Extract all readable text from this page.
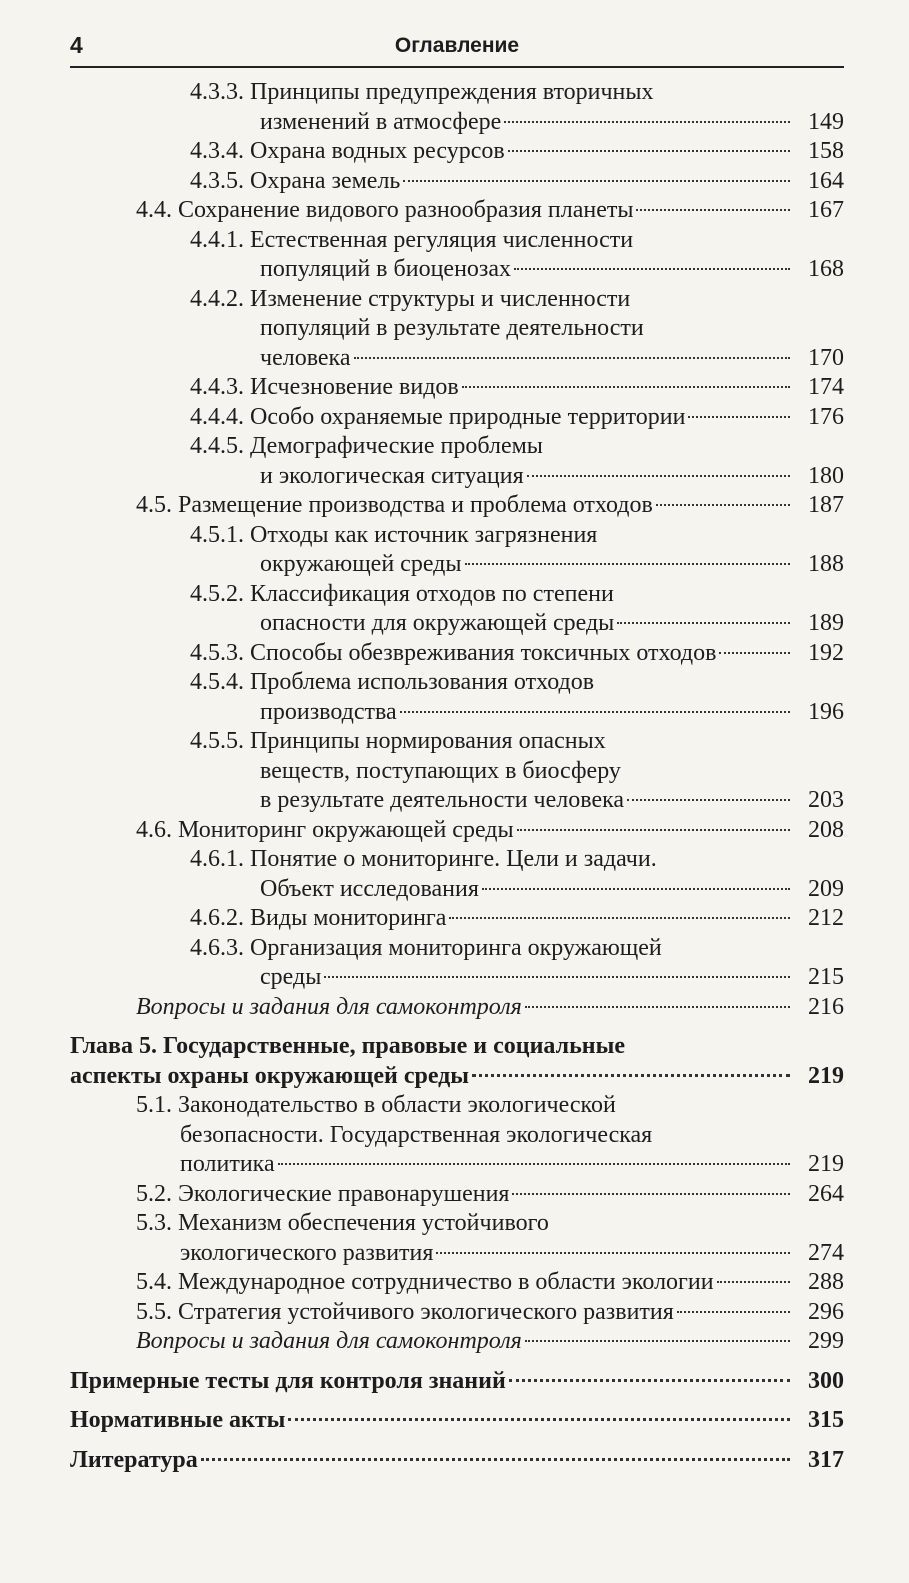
4	Оглавление
4.3.3. Принципы предупреждения вторичных
изменений в атмосфере	149
4.3.4. Охрана водных ресурсов	158
4.3.5. Охрана земель	164
4.4. Сохранение видового разнообразия планеты	167
4.4.1. Естественная регуляция численности
популяций в биоценозах	168
4.4.2. Изменение структуры и численности
популяций в результате деятельности
человека	170
4.4.3. Исчезновение видов	174
4.4.4. Особо охраняемые природные территории	176
4.4.5. Демографические проблемы
и экологическая ситуация	180
4.5. Размещение производства и проблема отходов	187
4.5.1. Отходы как источник загрязнения
окружающей среды	188
4.5.2. Классификация отходов по степени
опасности для окружающей среды	189
4.5.3. Способы обезвреживания токсичных отходов	192
4.5.4. Проблема использования отходов
производства	196
4.5.5. Принципы нормирования опасных
веществ, поступающих в биосферу
в результате деятельности человека	203
4.6. Мониторинг окружающей среды	208
4.6.1. Понятие о мониторинге. Цели и задачи.
Объект исследования	209
4.6.2. Виды мониторинга	212
4.6.3. Организация мониторинга окружающей
среды	215
Вопросы и задания для самоконтроля	216
Глава 5. Государственные, правовые и социальные
аспекты охраны окружающей среды	219
5.1. Законодательство в области экологической
безопасности. Государственная экологическая
политика	219
5.2. Экологические правонарушения	264
5.3. Механизм обеспечения устойчивого
экологического развития	274
5.4. Международное сотрудничество в области экологии	288
5.5. Стратегия устойчивого экологического развития	296
Вопросы и задания для самоконтроля	299
Примерные тесты для контроля знаний	300
Нормативные акты	315
Литература	317
